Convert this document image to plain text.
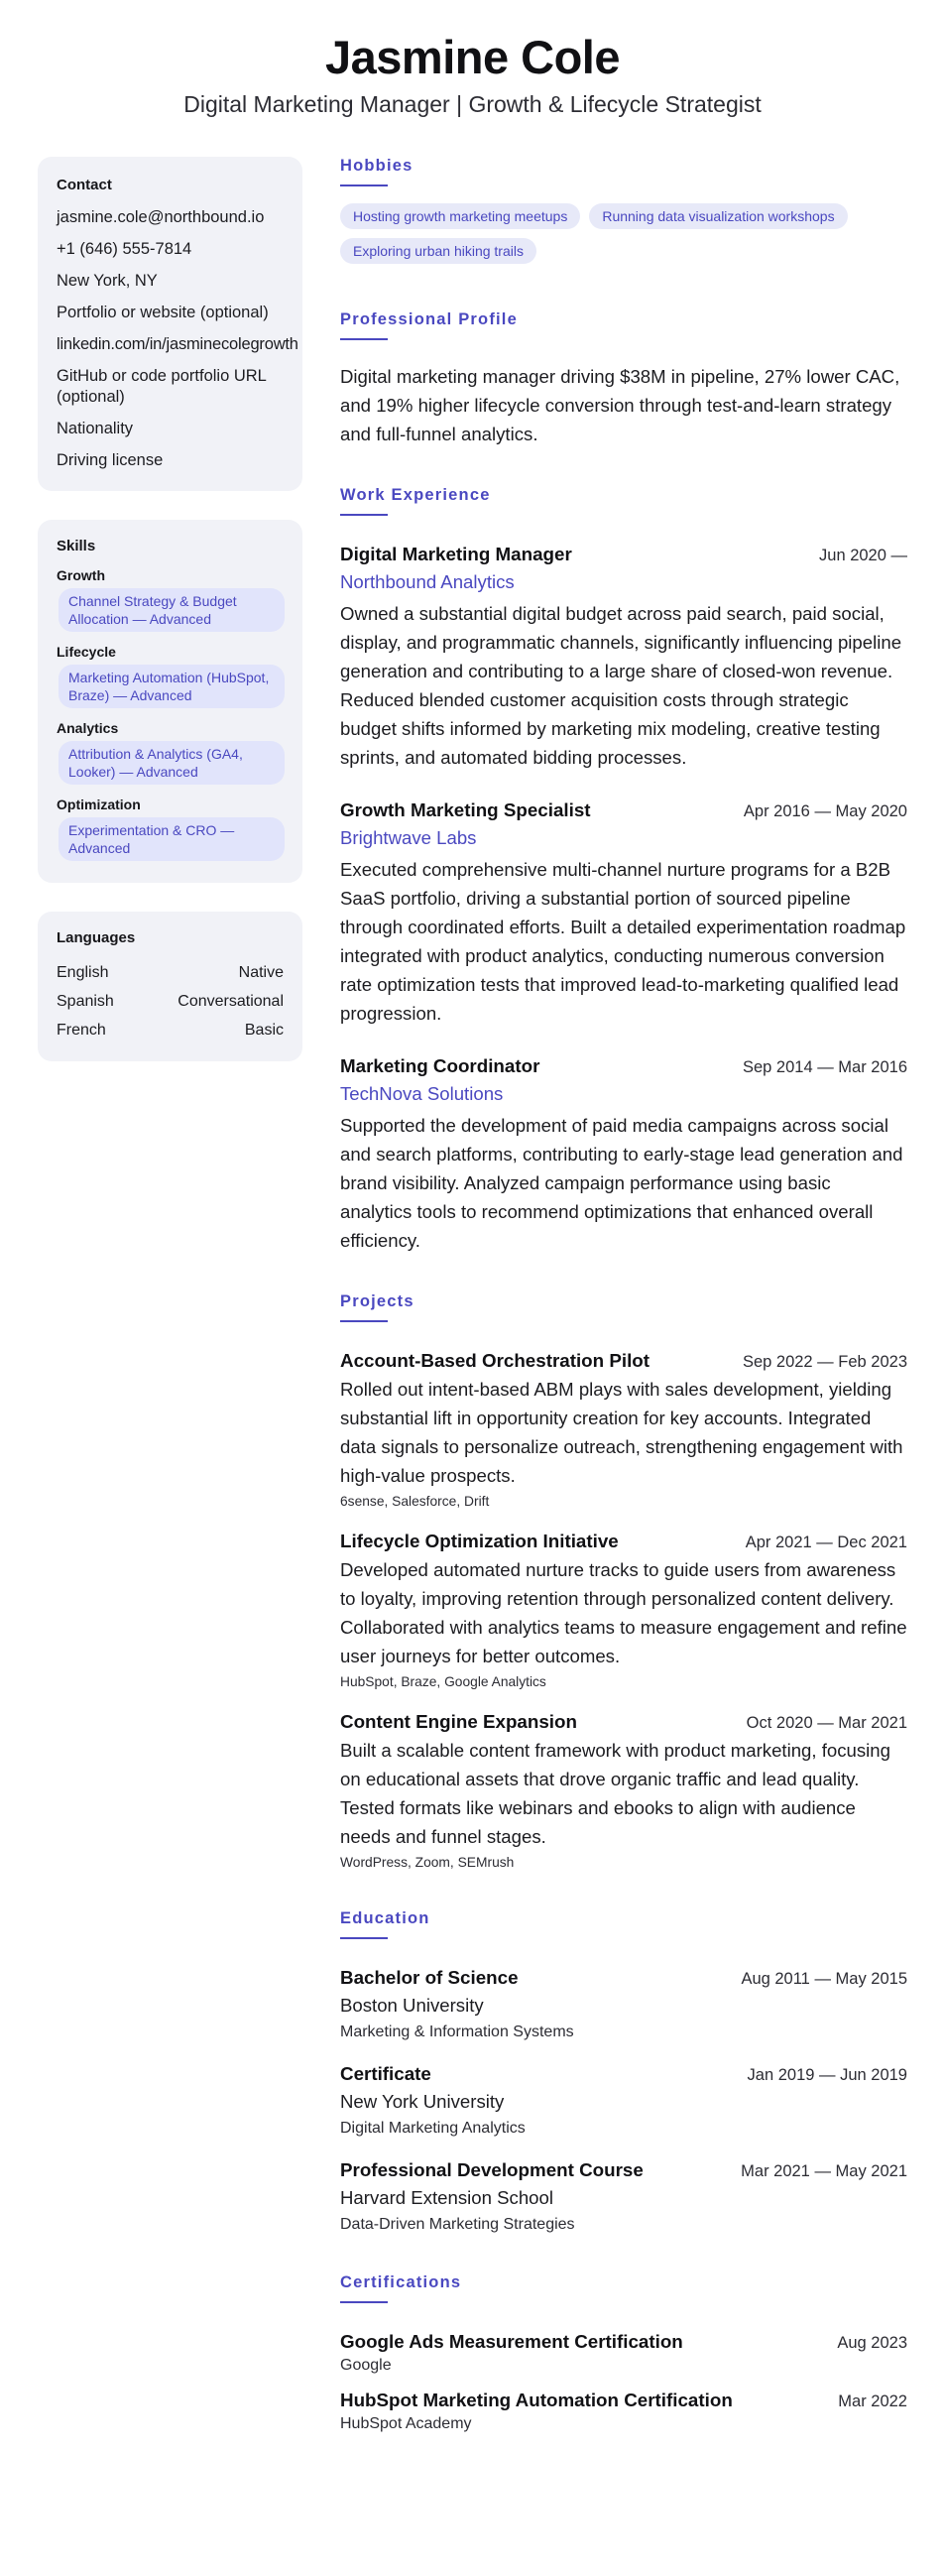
Jasmine Cole
Digital Marketing Manager | Growth & Lifecycle Strategist
Contact
jasmine.cole@northbound.io
+1 (646) 555-7814
New York, NY
Portfolio or website (optional)
linkedin.com/in/jasminecolegrowth
GitHub or code portfolio URL (optional)
Nationality
Driving license
Skills
Growth
Channel Strategy & Budget Allocation — Advanced
Lifecycle
Marketing Automation (HubSpot, Braze) — Advanced
Analytics
Attribution & Analytics (GA4, Looker) — Advanced
Optimization
Experimentation & CRO — Advanced
Languages
English	Native
Spanish	Conversational
French	Basic
Hobbies
Hosting growth marketing meetups	Running data visualization workshopsExploring urban hiking trails
Professional Profile
Digital marketing manager driving $38M in pipeline, 27% lower CAC, and 19% higher lifecycle conversion through test-and-learn strategy and full-funnel analytics.
Work Experience
Digital Marketing Manager	Jun 2020 —
Northbound Analytics
Owned a substantial digital budget across paid search, paid social, display, and programmatic channels, significantly influencing pipeline generation and contributing to a large share of closed-won revenue. Reduced blended customer acquisition costs through strategic budget shifts informed by marketing mix modeling, creative testing sprints, and automated bidding processes.
Growth Marketing Specialist	Apr 2016 — May 2020
Brightwave Labs
Executed comprehensive multi-channel nurture programs for a B2B SaaS portfolio, driving a substantial portion of sourced pipeline through coordinated efforts. Built a detailed experimentation roadmap integrated with product analytics, conducting numerous conversion rate optimization tests that improved lead-to-marketing qualified lead progression.
Marketing Coordinator	Sep 2014 — Mar 2016
TechNova Solutions
Supported the development of paid media campaigns across social and search platforms, contributing to early-stage lead generation and brand visibility. Analyzed campaign performance using basic analytics tools to recommend optimizations that enhanced overall efficiency.
Projects
Account-Based Orchestration Pilot	Sep 2022 — Feb 2023
Rolled out intent-based ABM plays with sales development, yielding substantial lift in opportunity creation for key accounts. Integrated data signals to personalize outreach, strengthening engagement with high-value prospects.
6sense, Salesforce, Drift
Lifecycle Optimization Initiative	Apr 2021 — Dec 2021
Developed automated nurture tracks to guide users from awareness to loyalty, improving retention through personalized content delivery. Collaborated with analytics teams to measure engagement and refine user journeys for better outcomes.
HubSpot, Braze, Google Analytics
Content Engine Expansion	Oct 2020 — Mar 2021
Built a scalable content framework with product marketing, focusing on educational assets that drove organic traffic and lead quality. Tested formats like webinars and ebooks to align with audience needs and funnel stages.
WordPress, Zoom, SEMrush
Education
Bachelor of Science	Aug 2011 — May 2015
Boston University
Marketing & Information Systems
Certificate	Jan 2019 — Jun 2019
New York University
Digital Marketing Analytics
Professional Development Course	Mar 2021 — May 2021
Harvard Extension School
Data-Driven Marketing Strategies
Certifications
Google Ads Measurement Certification	Aug 2023
Google
HubSpot Marketing Automation Certification	Mar 2022
HubSpot Academy
